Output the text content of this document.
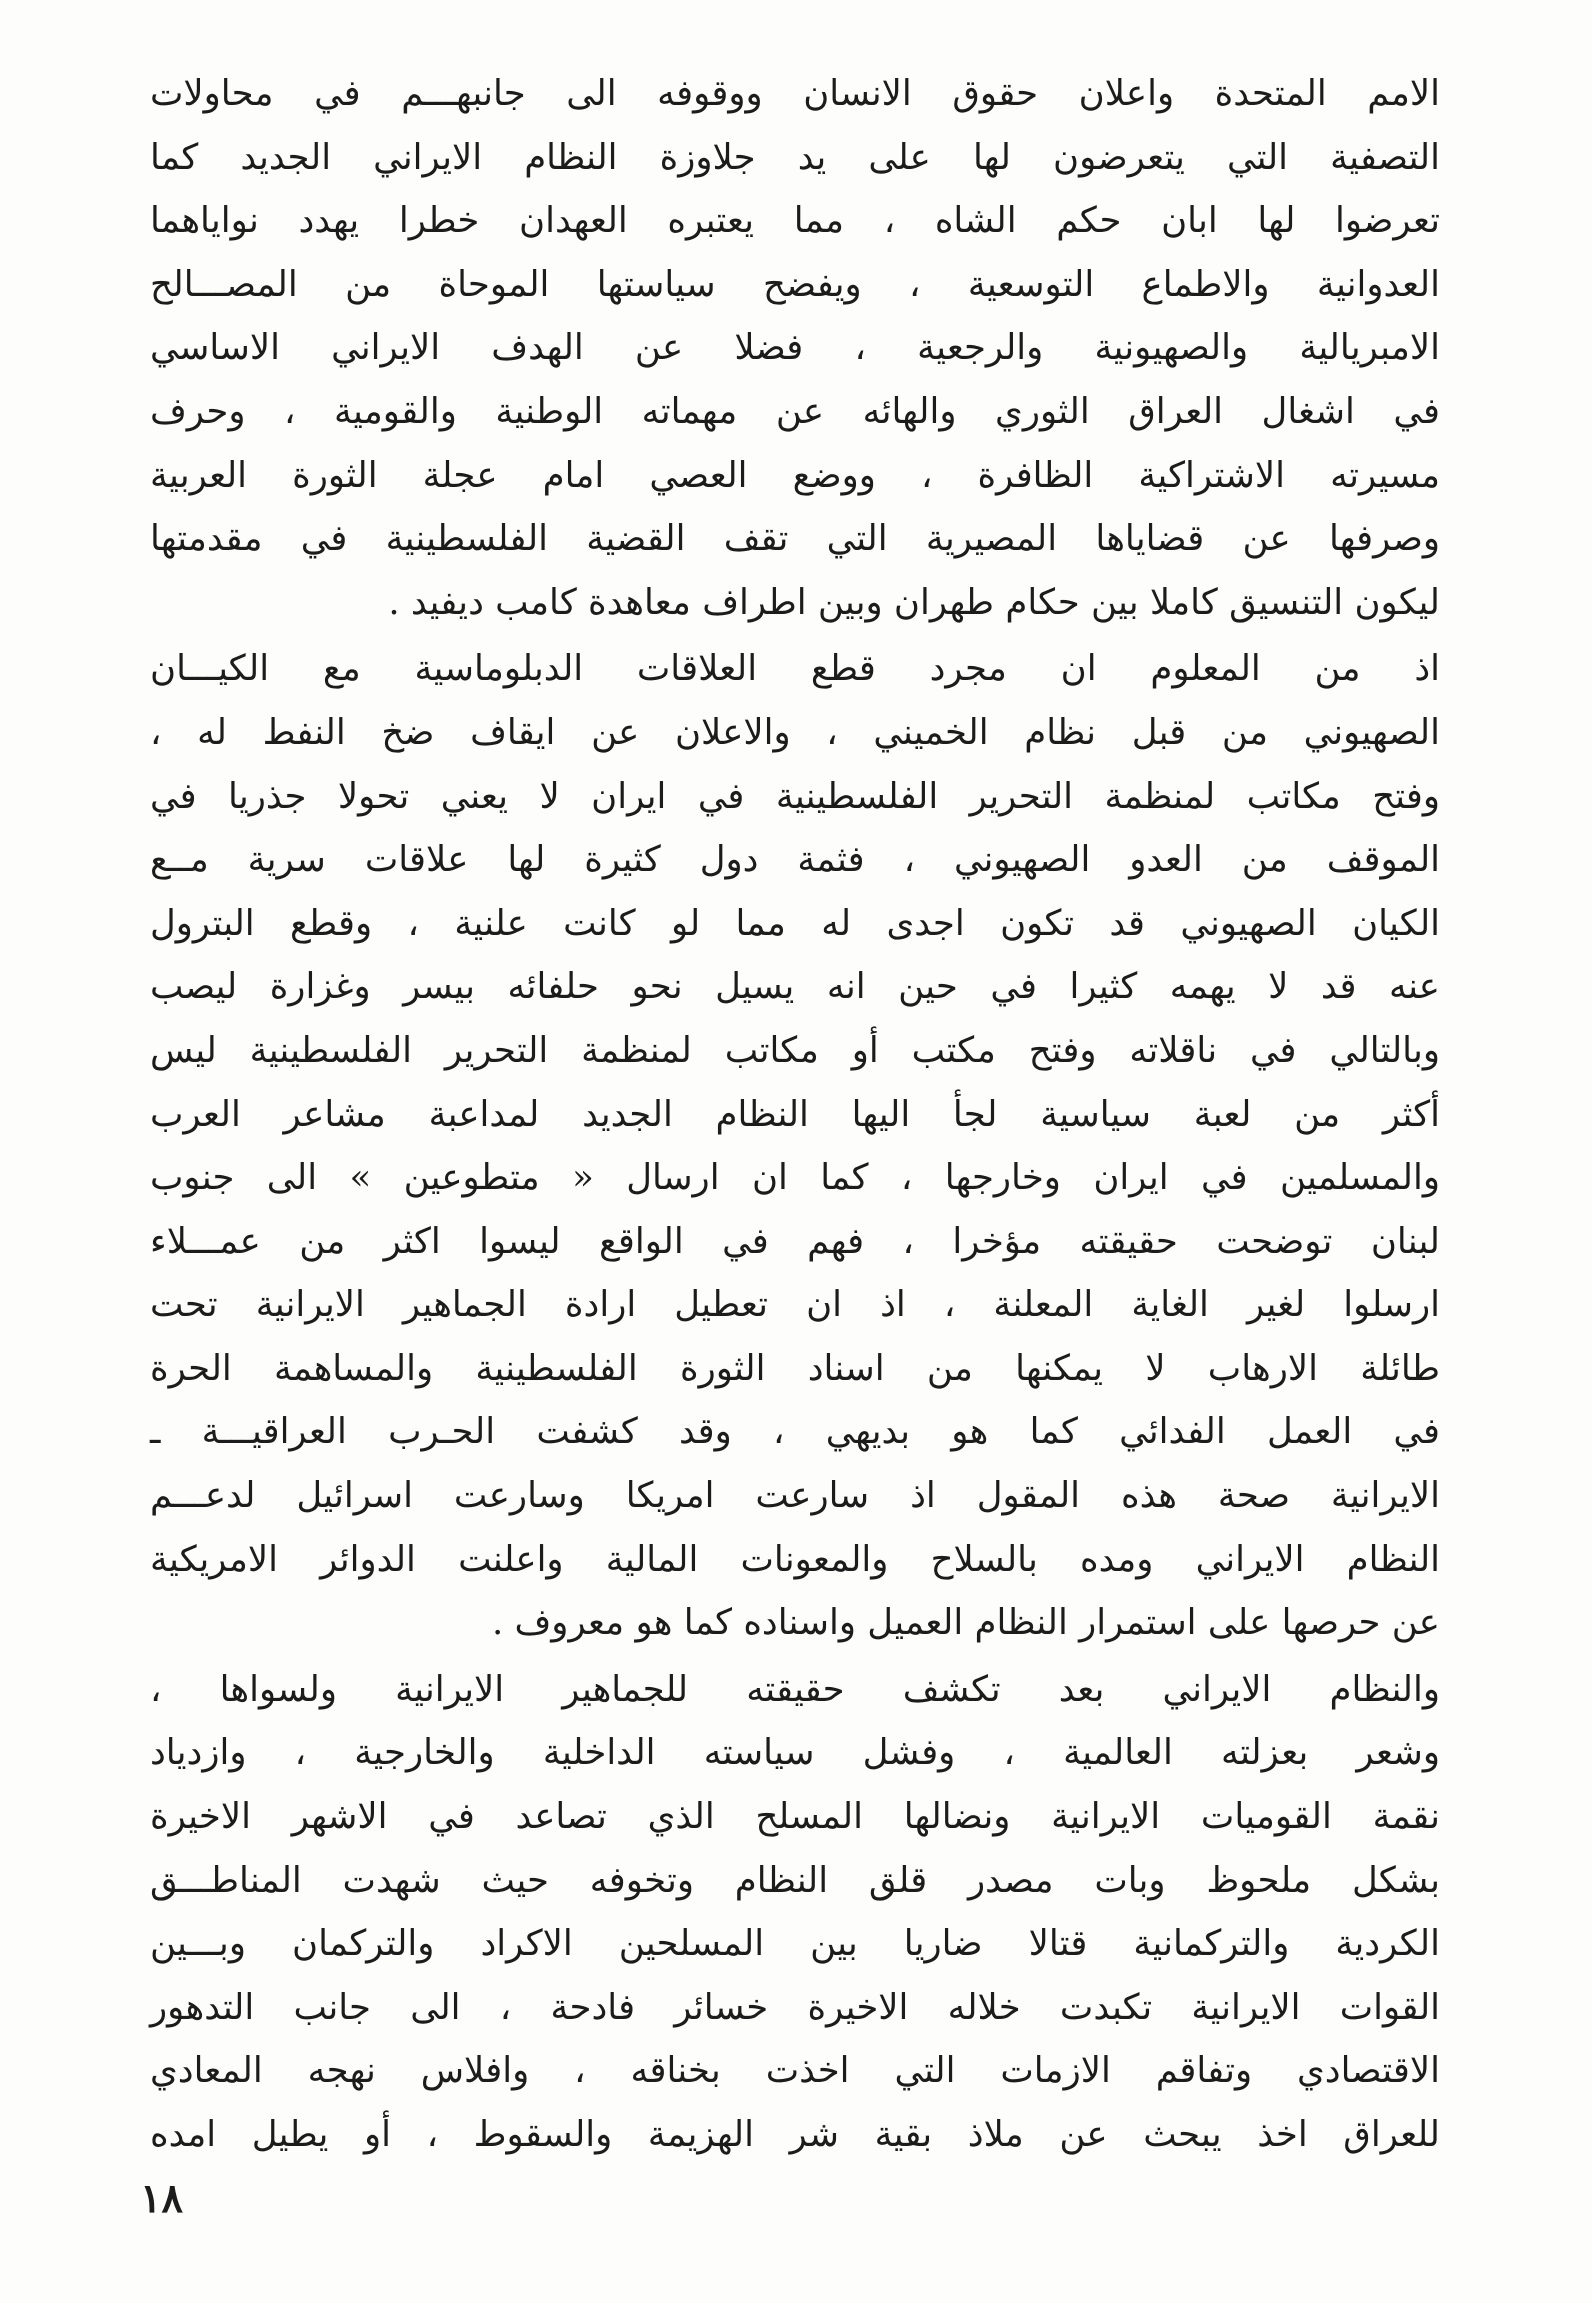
الامم المتحدة واعلان حقوق الانسان ووقوفه الى جانبهـــم في محاولات
التصفية التي يتعرضون لها على يد جلاوزة النظام الايراني الجديد كما
تعرضوا لها ابان حكم الشاه ، مما يعتبره العهدان خطرا يهدد نواياهما
العدوانية والاطماع التوسعية ، ويفضح سياستها الموحاة من المصـــالح
الامبريالية والصهيونية والرجعية ، فضلا عن الهدف الايراني الاساسي
في اشغال العراق الثوري والهائه عن مهماته الوطنية والقومية ، وحرف
مسيرته الاشتراكية الظافرة ، ووضع العصي امام عجلة الثورة العربية
وصرفها عن قضاياها المصيرية التي تقف القضية الفلسطينية في مقدمتها
ليكون التنسيق كاملا بين حكام طهران وبين اطراف معاهدة كامب ديفيد .
اذ من المعلوم ان مجرد قطع العلاقات الدبلوماسية مع الكيـــان
الصهيوني من قبل نظام الخميني ، والاعلان عن ايقاف ضخ النفط له ،
وفتح مكاتب لمنظمة التحرير الفلسطينية في ايران لا يعني تحولا جذريا في
الموقف من العدو الصهيوني ، فثمة دول كثيرة لها علاقات سرية مــع
الكيان الصهيوني قد تكون اجدى له مما لو كانت علنية ، وقطع البترول
عنه قد لا يهمه كثيرا في حين انه يسيل نحو حلفائه بيسر وغزارة ليصب
وبالتالي في ناقلاته وفتح مكتب أو مكاتب لمنظمة التحرير الفلسطينية ليس
أكثر من لعبة سياسية لجأ اليها النظام الجديد لمداعبة مشاعر العرب
والمسلمين في ايران وخارجها ، كما ان ارسال « متطوعين » الى جنوب
لبنان توضحت حقيقته مؤخرا ، فهم في الواقع ليسوا اكثر من عمـــلاء
ارسلوا لغير الغاية المعلنة ، اذ ان تعطيل ارادة الجماهير الايرانية تحت
طائلة الارهاب لا يمكنها من اسناد الثورة الفلسطينية والمساهمة الحرة
في العمل الفدائي كما هو بديهي ، وقد كشفت الحـرب العراقيـــة ـ
الايرانية صحة هذه المقول اذ سارعت امريكا وسارعت اسرائيل لدعـــم
النظام الايراني ومده بالسلاح والمعونات المالية واعلنت الدوائر الامريكية
عن حرصها على استمرار النظام العميل واسناده كما هو معروف .
والنظام الايراني بعد تكشف حقيقته للجماهير الايرانية ولسواها ،
وشعر بعزلته العالمية ، وفشل سياسته الداخلية والخارجية ، وازدياد
نقمة القوميات الايرانية ونضالها المسلح الذي تصاعد في الاشهر الاخيرة
بشكل ملحوظ وبات مصدر قلق النظام وتخوفه حيث شهدت المناطـــق
الكردية والتركمانية قتالا ضاريا بين المسلحين الاكراد والتركمان وبـــين
القوات الايرانية تكبدت خلاله الاخيرة خسائر فادحة ، الى جانب التدهور
الاقتصادي وتفاقم الازمات التي اخذت بخناقه ، وافلاس نهجه المعادي
للعراق اخذ يبحث عن ملاذ بقية شر الهزيمة والسقوط ، أو يطيل امده
١٨
